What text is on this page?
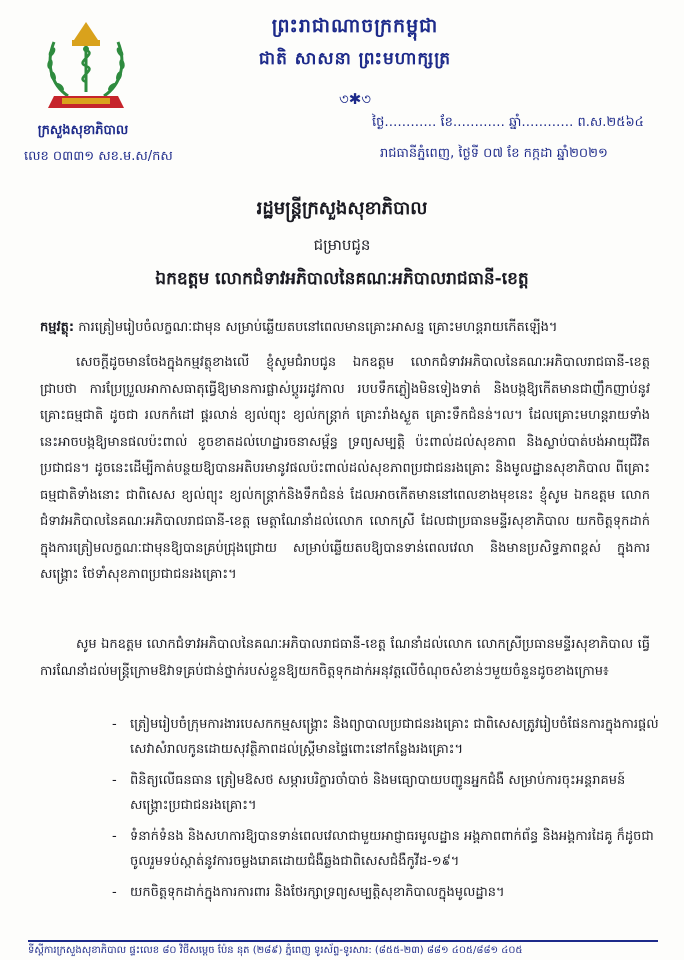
ក្រសួងសុខាភិបាល
លេខ ០៣៣១ សខ.ម.ស/កស
ព្រះរាជាណាចក្រកម្ពុជា
ជាតិ សាសនា ព្រះមហាក្សត្រ
৩✱৩
ថ្ងៃ………… ខែ………… ឆ្នាំ………… ព.ស.២៥៦៤
រាជធានីភ្នំពេញ, ថ្ងៃទី ០៧ ខែ កក្កដា ឆ្នាំ២០២១
រដ្ឋមន្ត្រីក្រសួងសុខាភិបាល
ជម្រាបជូន
ឯកឧត្តម លោកជំទាវអភិបាលនៃគណៈអភិបាលរាជធានី-ខេត្ត
កម្មវត្ថុ: ការត្រៀមរៀបចំលក្ខណៈជាមុន សម្រាប់ឆ្លើយតបនៅពេលមានគ្រោះអាសន្ន គ្រោះមហន្តរាយកើតឡើង។
សេចក្ដីដូចមានចែងក្នុងកម្មវត្ថុខាងលើ ខ្ញុំសូមជំរាបជូន ឯកឧត្តម លោកជំទាវអភិបាលនៃគណៈអភិបាលរាជធានី-ខេត្ត ជ្រាបថា ការប្រែប្រួលអាកាសធាតុធ្វើឱ្យមានការផ្លាស់ប្ដូររដូវកាល របបទឹកភ្លៀងមិនទៀងទាត់ និងបង្កឱ្យកើតមានជាញឹកញាប់នូវគ្រោះធម្មជាតិ ដូចជា រលកកំដៅ ផ្គរលាន់ ខ្យល់ព្យុះ ខ្យល់កន្ត្រាក់ គ្រោះរាំងស្ងួត គ្រោះទឹកជំនន់។ល។ ដែលគ្រោះមហន្តរាយទាំងនេះអាចបង្កឱ្យមានផលប៉ះពាល់ ខូចខាតដល់ហេដ្ឋារចនាសម្ព័ន្ធ ទ្រព្យសម្បត្តិ ប៉ះពាល់ដល់សុខភាព និងស្លាប់បាត់បង់អាយុជីវិតប្រជាជន។ ដូចនេះដើម្បីកាត់បន្ថយឱ្យបានអតិបរមានូវផលប៉ះពាល់ដល់សុខភាពប្រជាជនរងគ្រោះ និងមូលដ្ឋានសុខាភិបាល ពីគ្រោះធម្មជាតិទាំងនោះ ជាពិសេស ខ្យល់ព្យុះ ខ្យល់កន្ត្រាក់និងទឹកជំនន់ ដែលអាចកើតមាននៅពេលខាងមុខនេះ ខ្ញុំសូម ឯកឧត្តម លោកជំទាវអភិបាលនៃគណៈអភិបាលរាជធានី-ខេត្ត មេត្តាណែនាំដល់លោក លោកស្រី ដែលជាប្រធានមន្ទីរសុខាភិបាល យកចិត្តទុកដាក់ក្នុងការត្រៀមលក្ខណៈជាមុនឱ្យបានគ្រប់ជ្រុងជ្រោយ សម្រាប់ឆ្លើយតបឱ្យបានទាន់ពេលវេលា និងមានប្រសិទ្ធភាពខ្ពស់ ក្នុងការសង្គ្រោះ ថែទាំសុខភាពប្រជាជនរងគ្រោះ។
សូម ឯកឧត្តម លោកជំទាវអភិបាលនៃគណៈអភិបាលរាជធានី-ខេត្ត ណែនាំដល់លោក លោកស្រីប្រធានមន្ទីរសុខាភិបាល ធ្វើការណែនាំដល់មន្ត្រីក្រោមឱវាទគ្រប់ជាន់ថ្នាក់របស់ខ្លួនឱ្យយកចិត្តទុកដាក់អនុវត្តលើចំណុចសំខាន់ៗមួយចំនួនដូចខាងក្រោម៖
- ត្រៀមរៀបចំក្រុមការងារបេសកកម្មសង្គ្រោះ និងព្យាបាលប្រជាជនរងគ្រោះ ជាពិសេសត្រូវរៀបចំផែនការក្នុងការផ្ដល់សេវាសំរាលកូនដោយសុវត្ថិភាពដល់ស្ត្រីមានផ្ទៃពោះនៅកន្លែងរងគ្រោះ។
- ពិនិត្យលើធនធាន ត្រៀមឱសថ សម្ភារបរិក្ខារចាំបាច់ និងមធ្យោបាយបញ្ជូនអ្នកជំងឺ សម្រាប់ការចុះអន្តរាគមន៍សង្គ្រោះប្រជាជនរងគ្រោះ។
- ទំនាក់ទំនង និងសហការឱ្យបានទាន់ពេលវេលាជាមួយអាជ្ញាធរមូលដ្ឋាន អង្គភាពពាក់ព័ន្ធ និងអង្គការដៃគូ ក៏ដូចជាចូលរួមទប់ស្កាត់នូវការចម្លងរោគដោយជំងឺឆ្លងជាពិសេសជំងឺកូវីដ-១៩។
- យកចិត្តទុកដាក់ក្នុងការការពារ និងថែរក្សាទ្រព្យសម្បត្តិសុខាភិបាលក្នុងមូលដ្ឋាន។
ទីស្តីការក្រសួងសុខាភិបាល ផ្ទះលេខ ៨០ វិថីសម្ដេច ប៉ែន នុត (២៨៩) ភ្នំពេញ ទូរស័ព្ទ-ទូរសារ: (៨៥៥-២៣) ៨៨១ ៤០៥/៨៨១ ៤០៥
